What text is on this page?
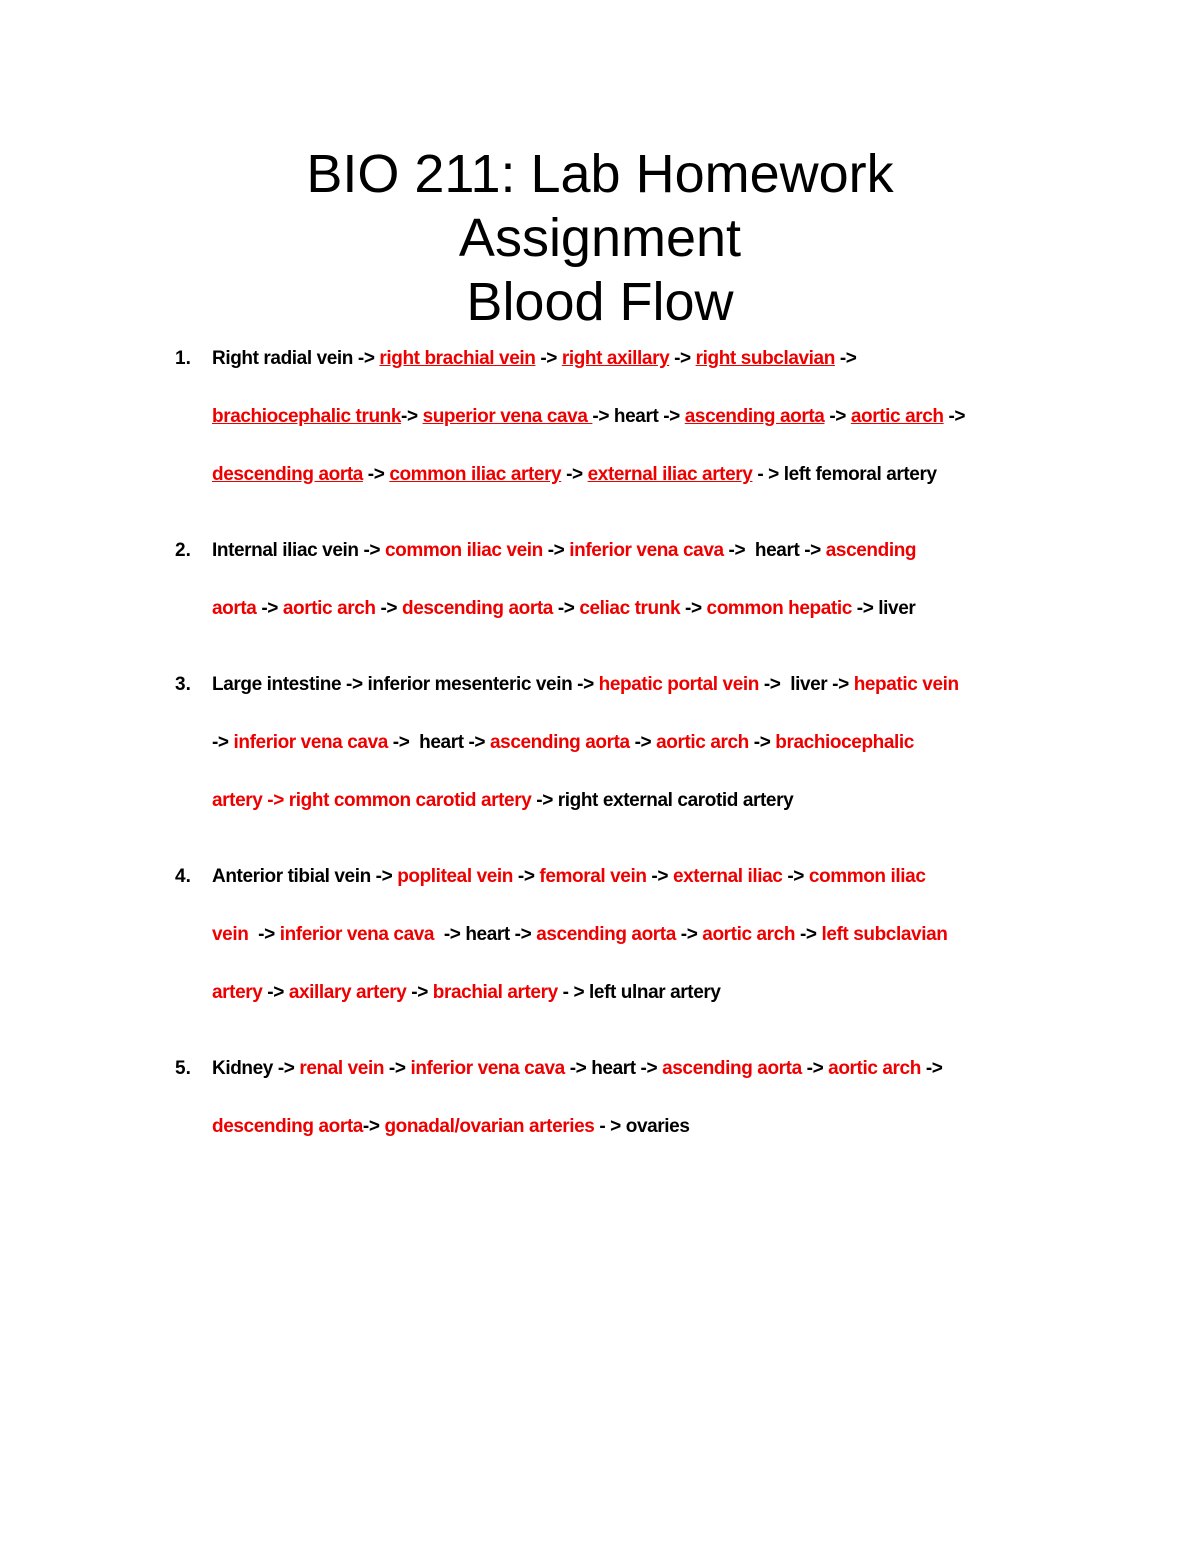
BIO 211: Lab Homework
Assignment
Blood Flow
1.	Right radial vein -> right brachial vein -> right axillary -> right subclavian ->
brachiocephalic trunk-> superior vena cava -> heart -> ascending aorta -> aortic arch ->
descending aorta -> common iliac artery -> external iliac artery - > left femoral artery
2.	Internal iliac vein -> common iliac vein -> inferior vena cava ->  heart -> ascending
aorta -> aortic arch -> descending aorta -> celiac trunk -> common hepatic -> liver
3.	Large intestine -> inferior mesenteric vein -> hepatic portal vein ->  liver -> hepatic vein
-> inferior vena cava ->  heart -> ascending aorta -> aortic arch -> brachiocephalic
artery -> right common carotid artery -> right external carotid artery
4.	Anterior tibial vein -> popliteal vein -> femoral vein -> external iliac -> common iliac
vein  -> inferior vena cava  -> heart -> ascending aorta -> aortic arch -> left subclavian
artery -> axillary artery -> brachial artery - > left ulnar artery
5.	Kidney -> renal vein -> inferior vena cava -> heart -> ascending aorta -> aortic arch ->
descending aorta-> gonadal/ovarian arteries - > ovaries
